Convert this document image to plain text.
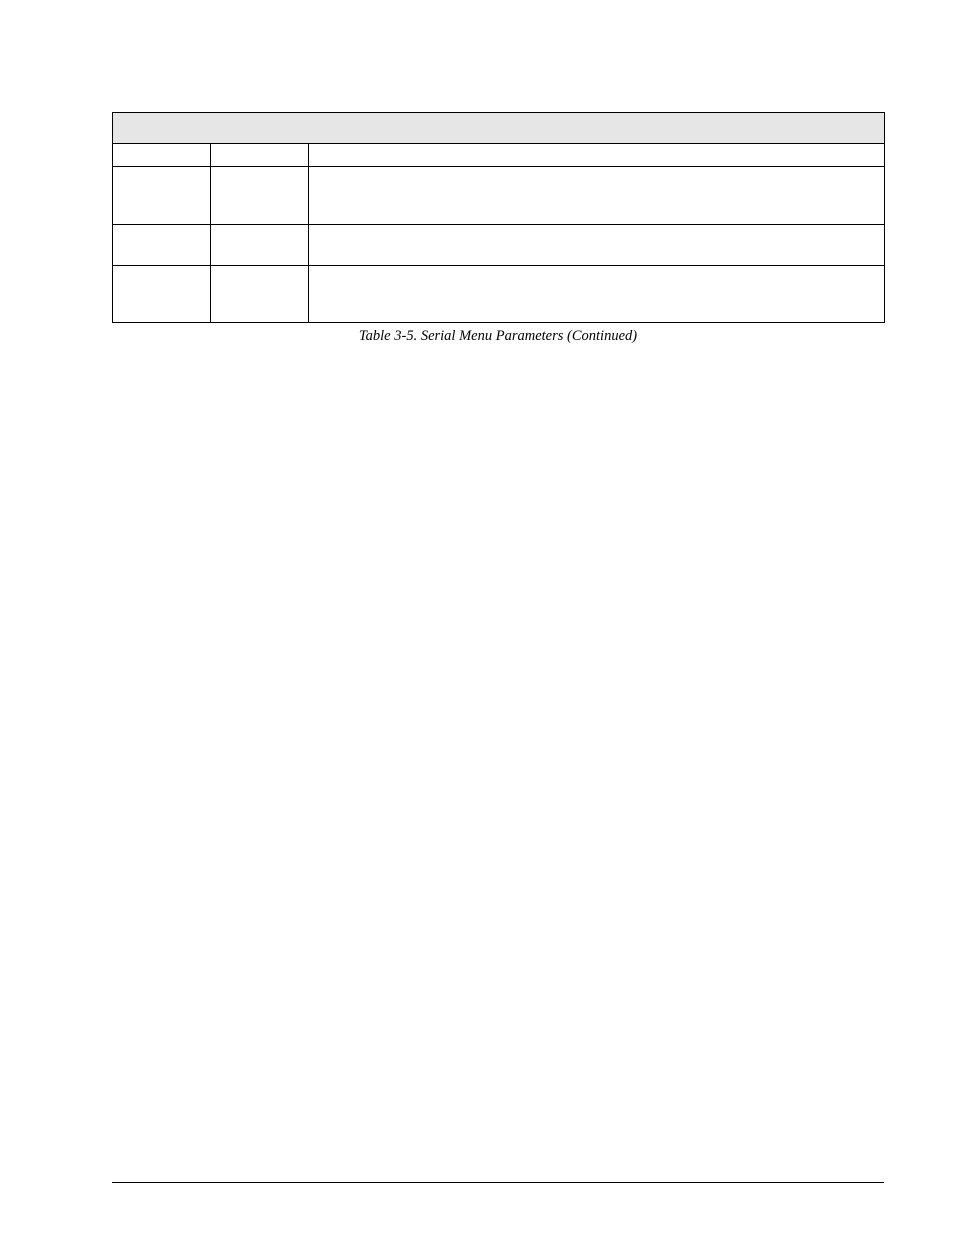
Table 3-5. Serial Menu Parameters (Continued)
